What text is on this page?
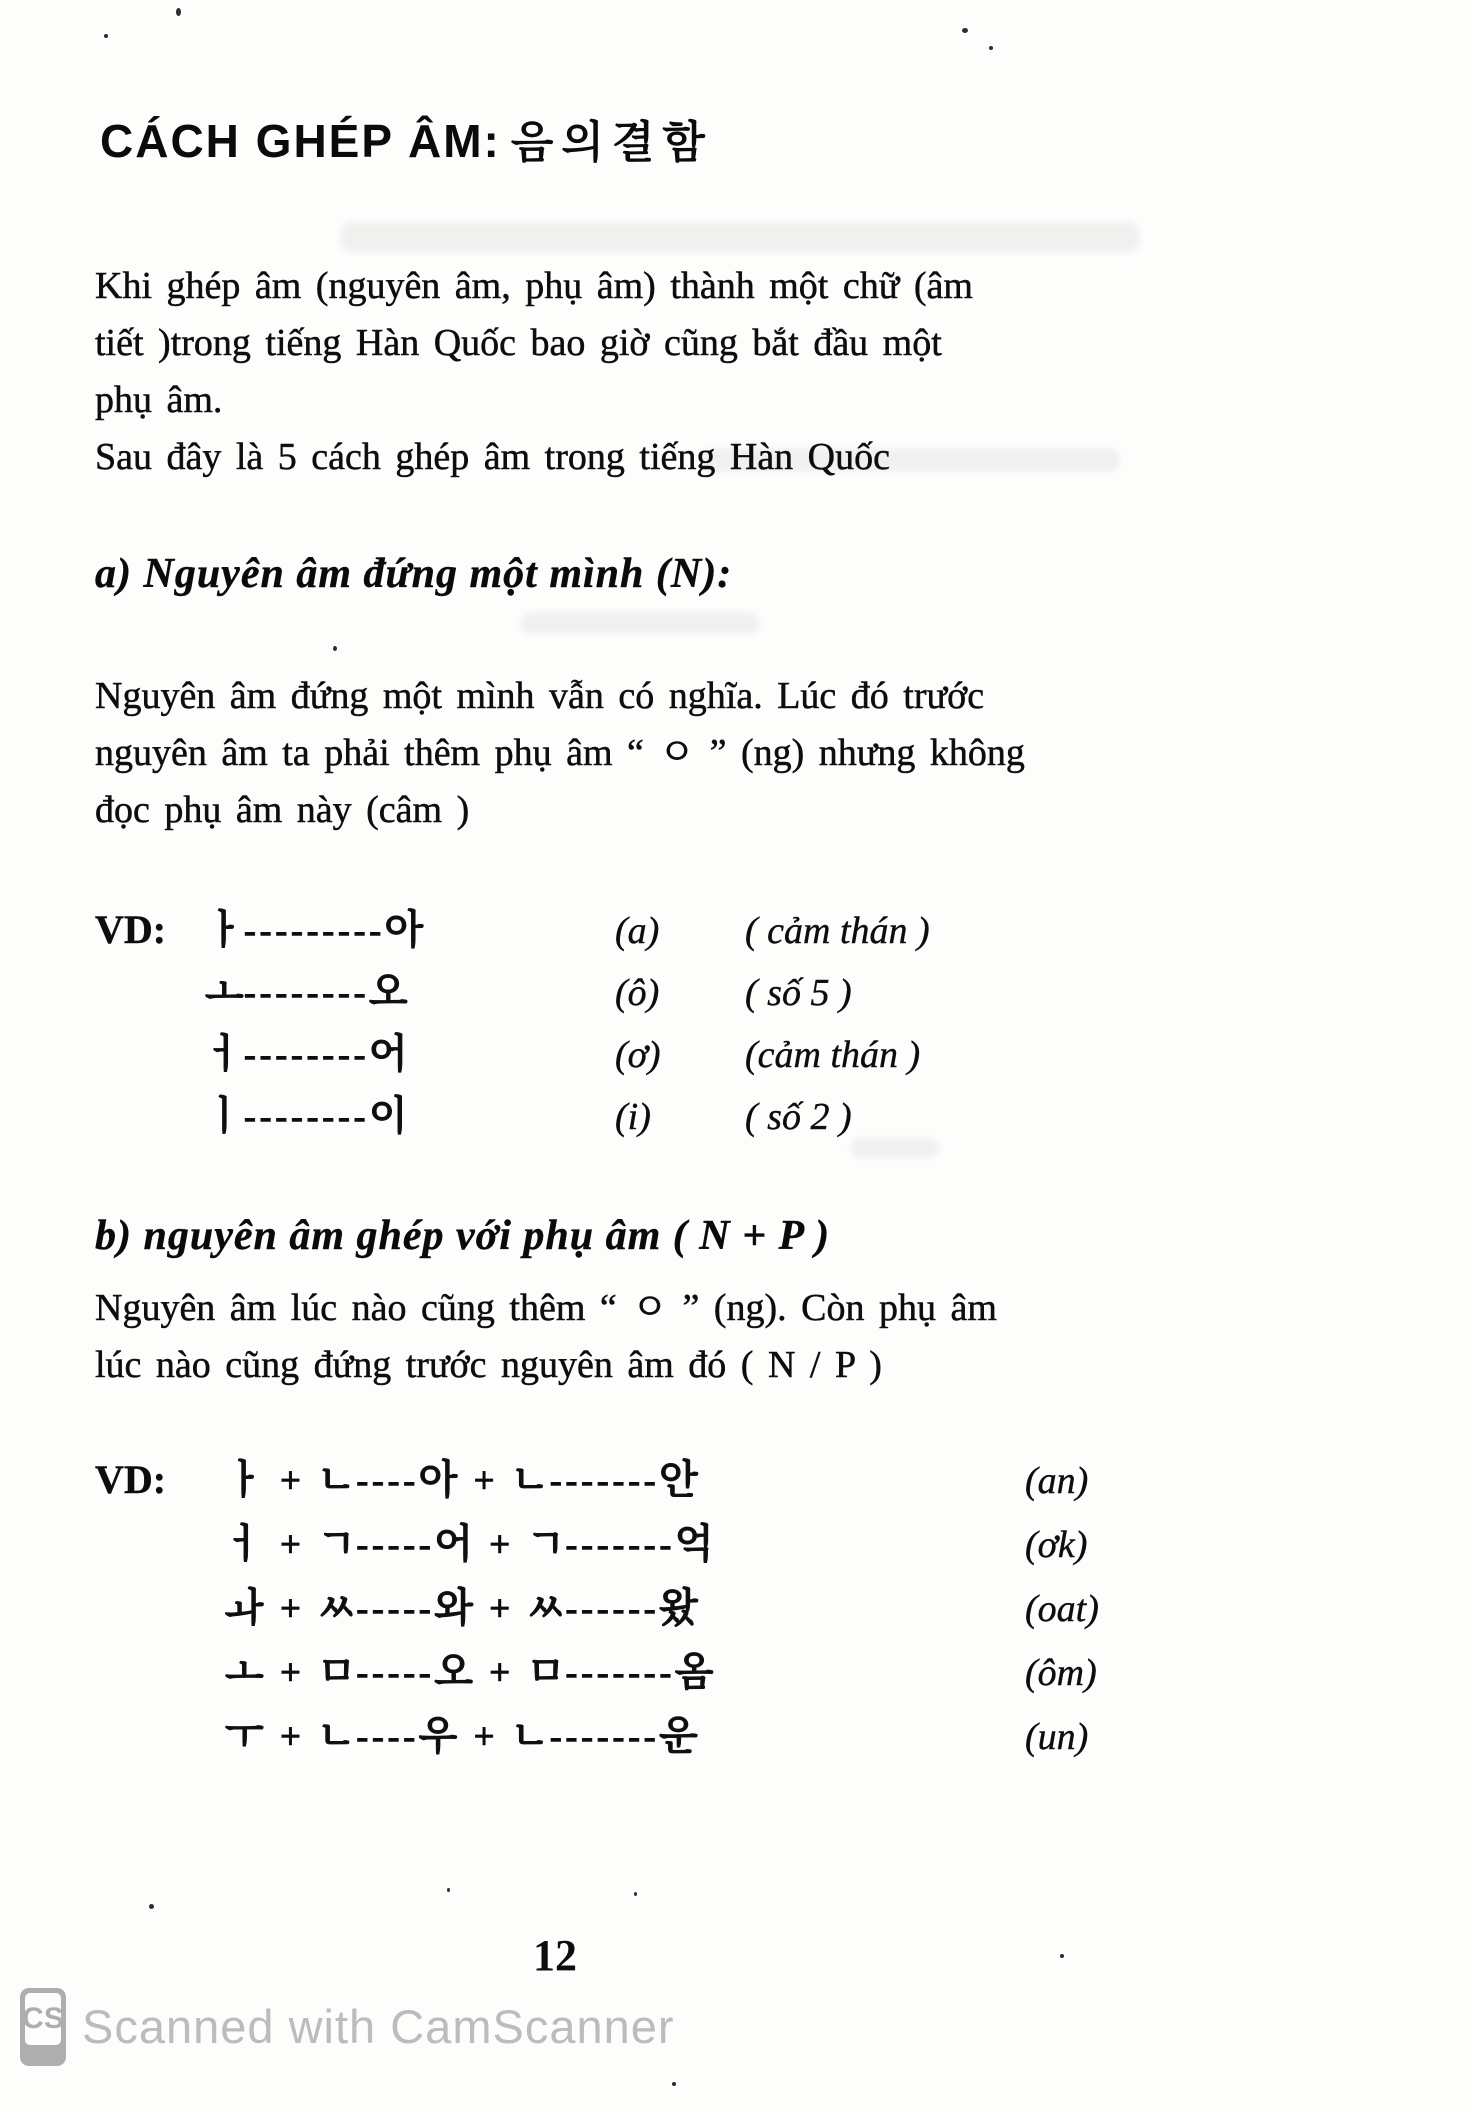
CÁCH GHÉP ÂM: 음의결함
Khi ghép âm (nguyên âm, phụ âm) thành một chữ (âm
tiết )trong tiếng Hàn Quốc bao giờ cũng bắt đầu một
phụ âm.
Sau đây là 5 cách ghép âm trong tiếng Hàn Quốc
a) Nguyên âm đứng một mình (N):
Nguyên âm đứng một mình vẫn có nghĩa. Lúc đó trước
nguyên âm ta phải thêm phụ âm “ ㅇ ” (ng) nhưng không
đọc phụ âm này (câm )
VD: ㅏ---------아	(a)	( cảm thán )
ㅗ--------오	(ô)	( số 5 )
ㅓ--------어	(ơ)	(cảm thán )
ㅣ--------이	(i)	( số 2 )
b) nguyên âm ghép với phụ âm ( N + P )
Nguyên âm lúc nào cũng thêm “ ㅇ ” (ng). Còn phụ âm
lúc nào cũng đứng trước nguyên âm đó ( N / P )
VD:	ㅏ + ㄴ----아 + ㄴ-------안	(an)
ㅓ + ㄱ-----어 + ㄱ-------억	(ơk)
ㅘ + ㅆ-----와 + ㅆ------왔	(oat)
ㅗ + ㅁ-----오 + ㅁ-------옴	(ôm)
ㅜ + ㄴ----우 + ㄴ-------운	(un)
12
CS Scanned with CamScanner
